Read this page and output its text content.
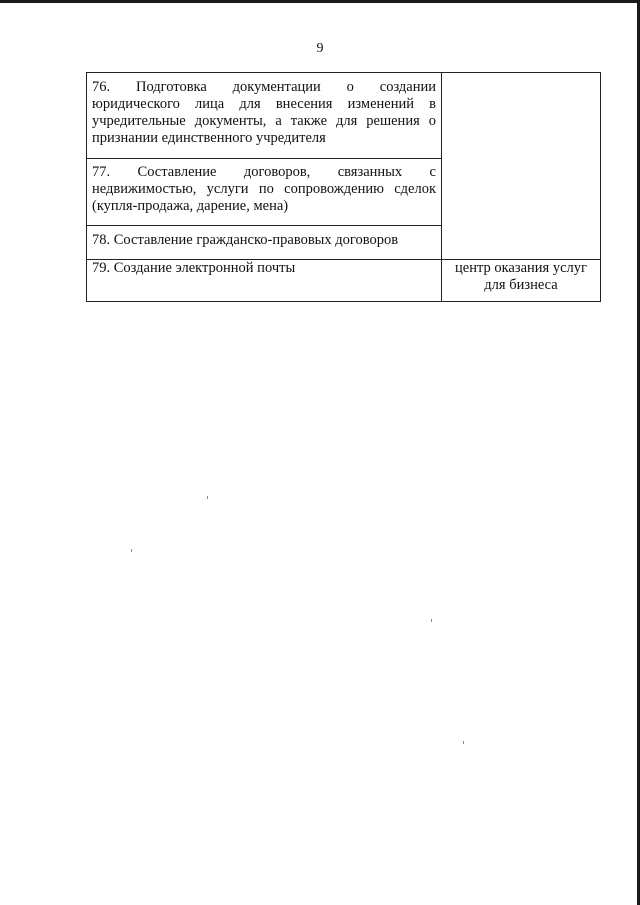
9
76. Подготовка документации о создании юридического лица для внесения изменений в учредительные документы, а также для решения о признании единственного учредителя	
77. Составление договоров, связанных с недвижимостью, услуги по сопровождению сделок (купля-продажа, дарение, мена)	
78. Составление гражданско-правовых договоров	
79. Создание электронной почты	центр оказания услуг для бизнеса
